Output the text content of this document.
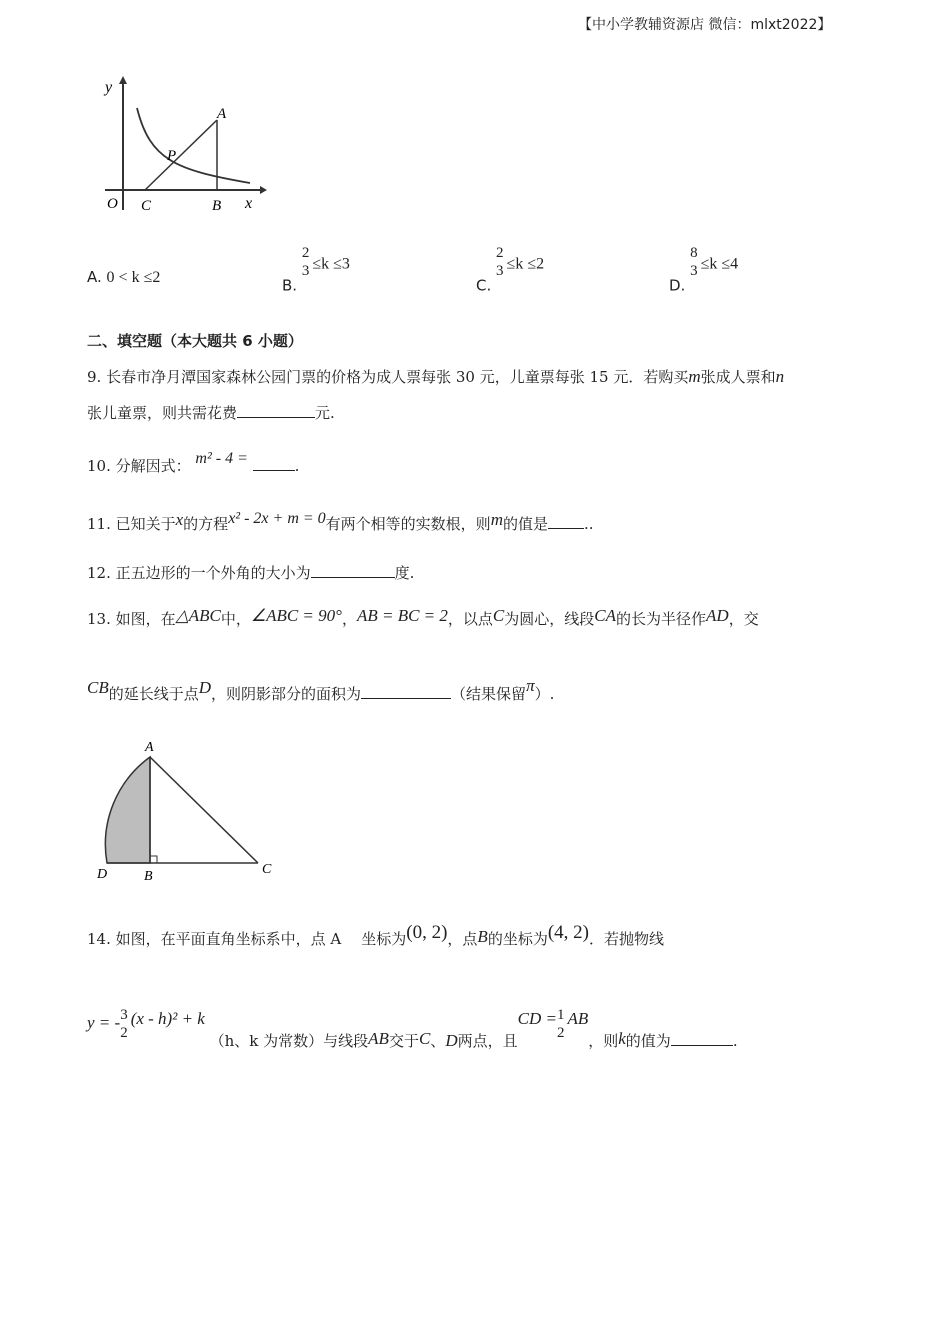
【中小学教辅资源店 微信：mlxt2022】
y
x
O C	B
A
P
A. 0 < k ≤2	B.
2
3 ≤k ≤3
C.
2
3 ≤k ≤2
D.
8
3 ≤k ≤4
二、填空题（本大题共 6 小题）
9. 长春市净月潭国家森林公园门票的价格为成人票每张 30 元，儿童票每张 15 元．若购买m张成人票和n
张儿童票，则共需花费	元.
10. 分解因式： m² - 4 =	.
11. 已知关于x的方程x² - 2x + m = 0有两个相等的实数根，则m的值是 ..
12. 正五边形的一个外角的大小为	度.
13. 如图，在△ABC中，∠ABC = 90°，AB = BC = 2，以点C为圆心，线段CA的长为半径作AD，交
CB的延长线于点D，则阴影部分的面积为	（结果保留π）.
A
B	C
D
14. 如图，在平面直角坐标系中，点 A 坐标为(0, 2)，点B的坐标为(4, 2)．若抛物线
y = - 3
2
(x - h)² + k （h、k 为常数）与线段AB交于C、D两点，且CD = 1
2
AB，则k的值为	.
